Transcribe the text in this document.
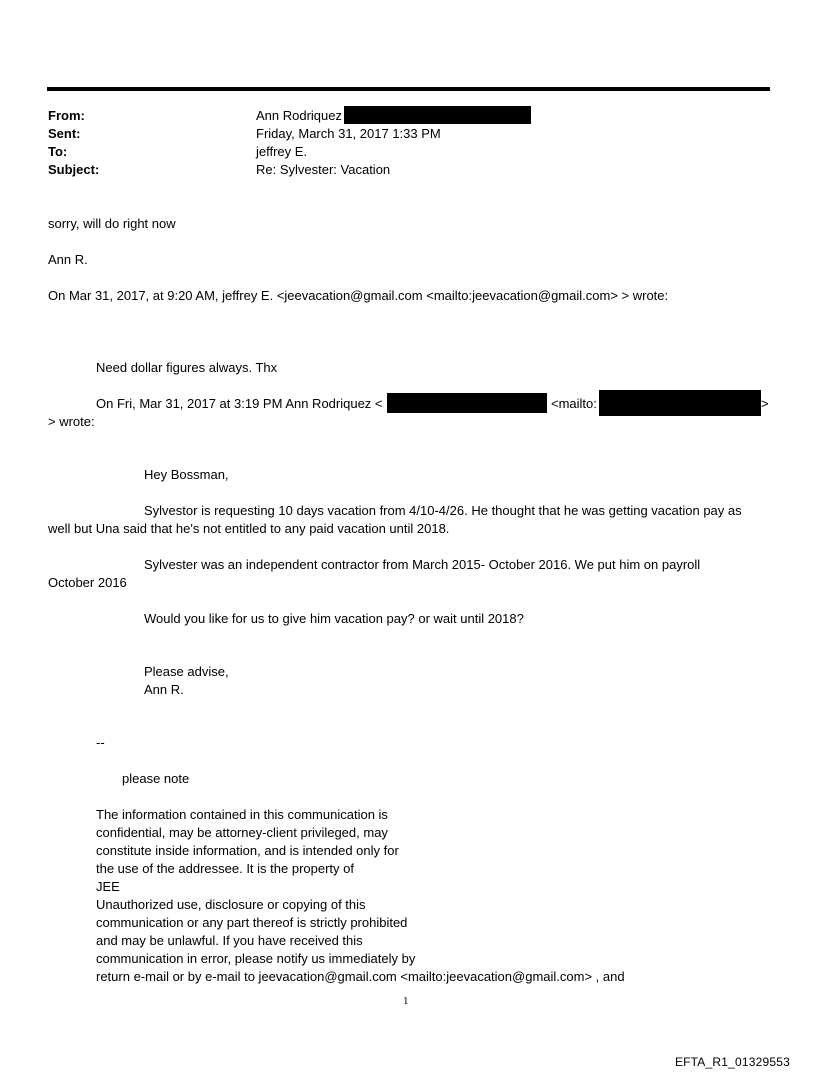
From:	Ann Rodriquez
Sent:	Friday, March 31, 2017 1:33 PM
To:	jeffrey E.
Subject:	Re: Sylvester: Vacation
sorry, will do right now
Ann R.
On Mar 31, 2017, at 9:20 AM, jeffrey E. <jeevacation@gmail.com <mailto:jeevacation@gmail.com> > wrote:
Need dollar figures always. Thx
On Fri, Mar 31, 2017 at 3:19 PM Ann Rodriquez <	<mailto:	>
> wrote:
Hey Bossman,
Sylvestor is requesting 10 days vacation from 4/10-4/26. He thought that he was getting vacation pay as
well but Una said that he's not entitled to any paid vacation until 2018.
Sylvester was an independent contractor from March 2015- October 2016. We put him on payroll
October 2016
Would you like for us to give him vacation pay? or wait until 2018?
Please advise,
Ann R.
--
please note
The information contained in this communication is
confidential, may be attorney-client privileged, may
constitute inside information, and is intended only for
the use of the addressee. It is the property of
JEE
Unauthorized use, disclosure or copying of this
communication or any part thereof is strictly prohibited
and may be unlawful. If you have received this
communication in error, please notify us immediately by
return e-mail or by e-mail to jeevacation@gmail.com <mailto:jeevacation@gmail.com> , and
1
EFTA_R1_01329553
